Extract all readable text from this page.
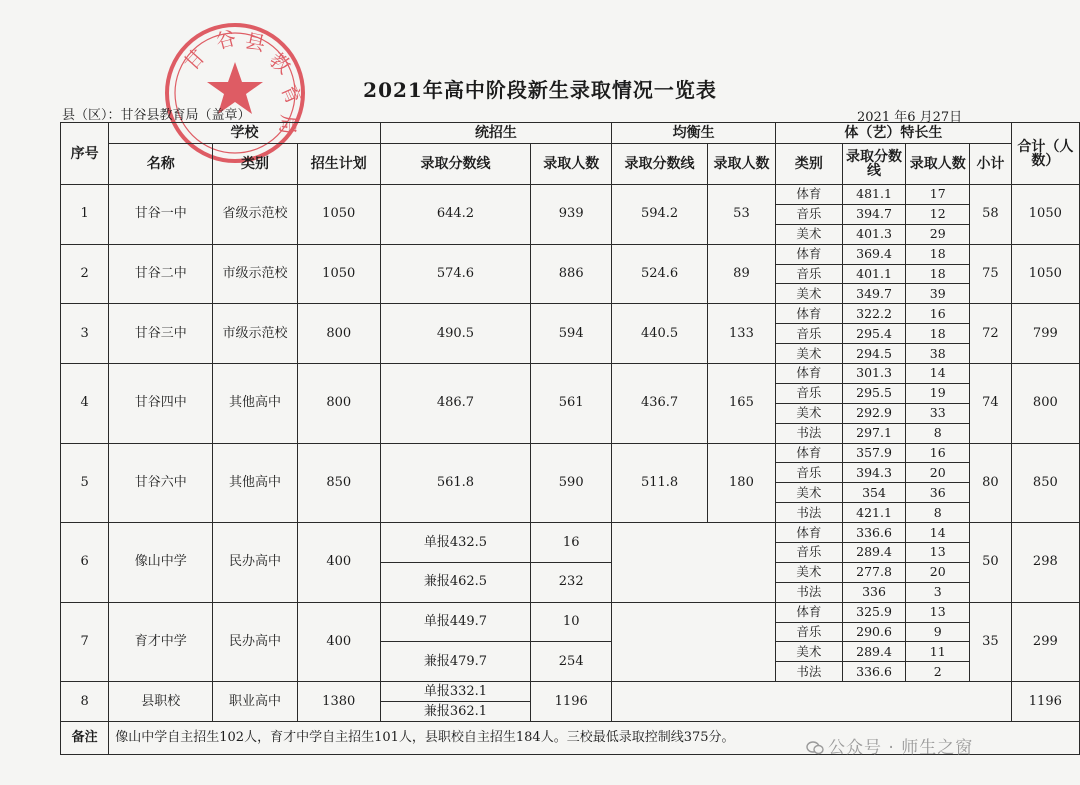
甘
谷 县
教
育
局
2021年高中阶段新生录取情况一览表
县（区）：甘谷县教育局（盖章）	2021 年6 月27日
序号	学校			统招生		均衡生		体（艺）特长生				合计（人数）
	名称	类别	招生计划	录取分数线	录取人数	录取分数线	录取人数	类别	录取分数线	录取人数	小计	
1	甘谷一中	省级示范校	1050	644.2	939	594.2	53	体育	481.1	17	58	1050
								音乐	394.7	12		
								美术	401.3	29		
2	甘谷二中	市级示范校	1050	574.6	886	524.6	89	体育	369.4	18	75	1050
								音乐	401.1	18		
								美术	349.7	39		
3	甘谷三中	市级示范校	800	490.5	594	440.5	133	体育	322.2	16	72	799
								音乐	295.4	18		
								美术	294.5	38		
4	甘谷四中	其他高中	800	486.7	561	436.7	165	体育	301.3	14	74	800
								音乐	295.5	19		
								美术	292.9	33		
								书法	297.1	8		
5	甘谷六中	其他高中	850	561.8	590	511.8	180	体育	357.9	16	80	850
								音乐	394.3	20		
								美术	354	36		
								书法	421.1	8		
6	像山中学	民办高中	400	单报432.5	16			体育	336.6	14	50	298
								音乐	289.4	13		
				兼报462.5	232			美术	277.8	20		
								书法	336	3		
7	育才中学	民办高中	400	单报449.7	10			体育	325.9	13	35	299
								音乐	290.6	9		
				兼报479.7	254			美术	289.4	11		
								书法	336.6	2		
8	县职校	职业高中	1380	单报332.1	1196							1196

				兼报362.1								

备注	像山中学自主招生102人，育才中学自主招生101人，县职校自主招生184人。三校最低录取控制线375分。											
公众号 · 师生之窗
